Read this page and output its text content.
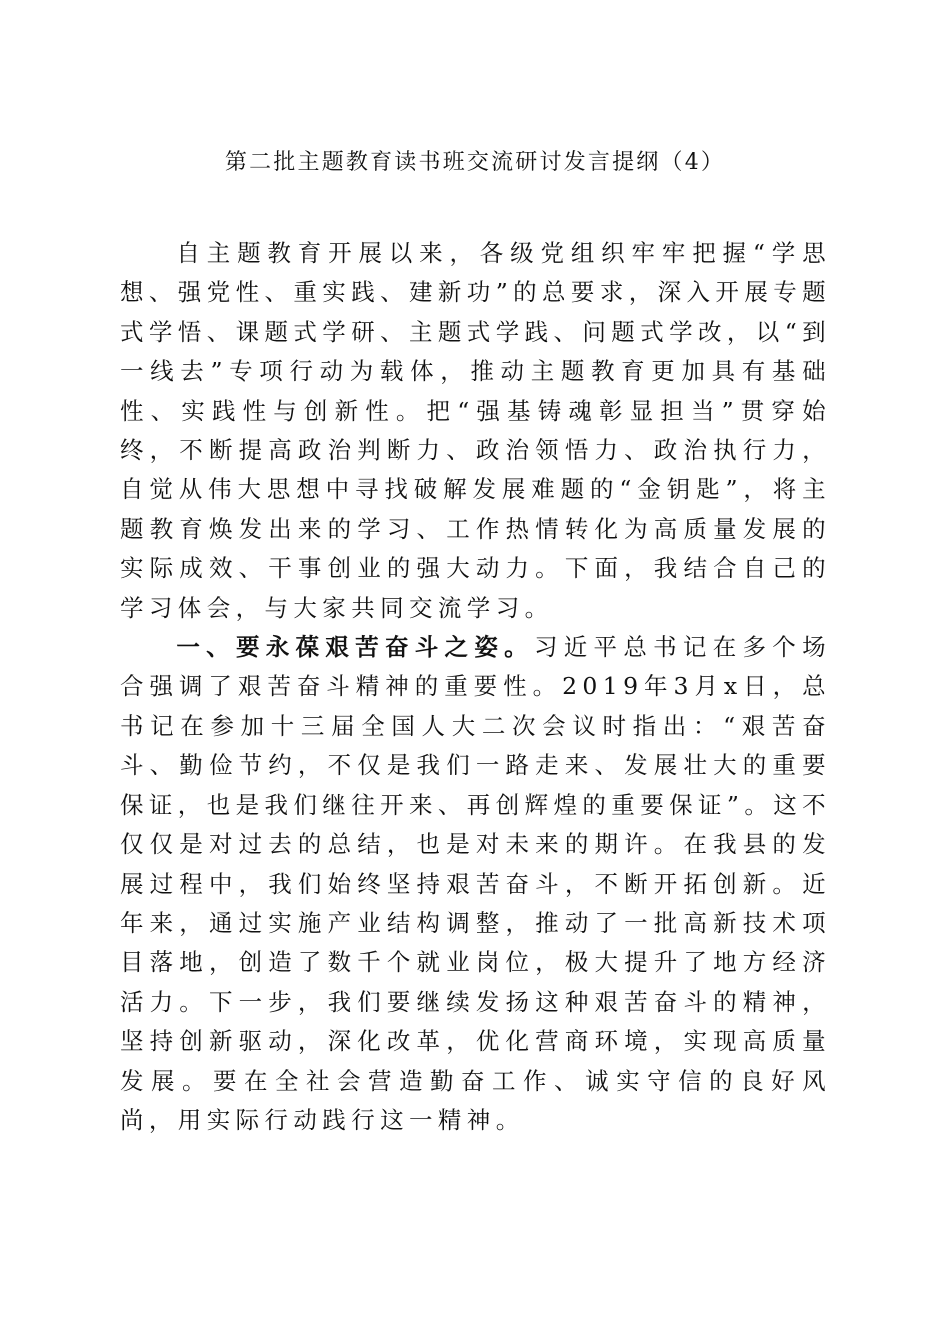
第二批主题教育读书班交流研讨发言提纲（4）

自主题教育开展以来，各级党组织牢牢把握“学思想、强党性、重实践、建新功”的总要求，深入开展专题式学悟、课题式学研、主题式学践、问题式学改，以“到一线去”专项行动为载体，推动主题教育更加具有基础性、实践性与创新性。把“强基铸魂彰显担当”贯穿始终，不断提高政治判断力、政治领悟力、政治执行力，自觉从伟大思想中寻找破解发展难题的“金钥匙”，将主题教育焕发出来的学习、工作热情转化为高质量发展的实际成效、干事创业的强大动力。下面，我结合自己的学习体会，与大家共同交流学习。

一、要永葆艰苦奋斗之姿。习近平总书记在多个场合强调了艰苦奋斗精神的重要性。2019年3月x日，总书记在参加十三届全国人大二次会议时指出：“艰苦奋斗、勤俭节约，不仅是我们一路走来、发展壮大的重要保证，也是我们继往开来、再创辉煌的重要保证”。这不仅仅是对过去的总结，也是对未来的期许。在我县的发展过程中，我们始终坚持艰苦奋斗，不断开拓创新。近年来，通过实施产业结构调整，推动了一批高新技术项目落地，创造了数千个就业岗位，极大提升了地方经济活力。下一步，我们要继续发扬这种艰苦奋斗的精神，坚持创新驱动，深化改革，优化营商环境，实现高质量发展。要在全社会营造勤奋工作、诚实守信的良好风尚，用实际行动践行这一精神。
